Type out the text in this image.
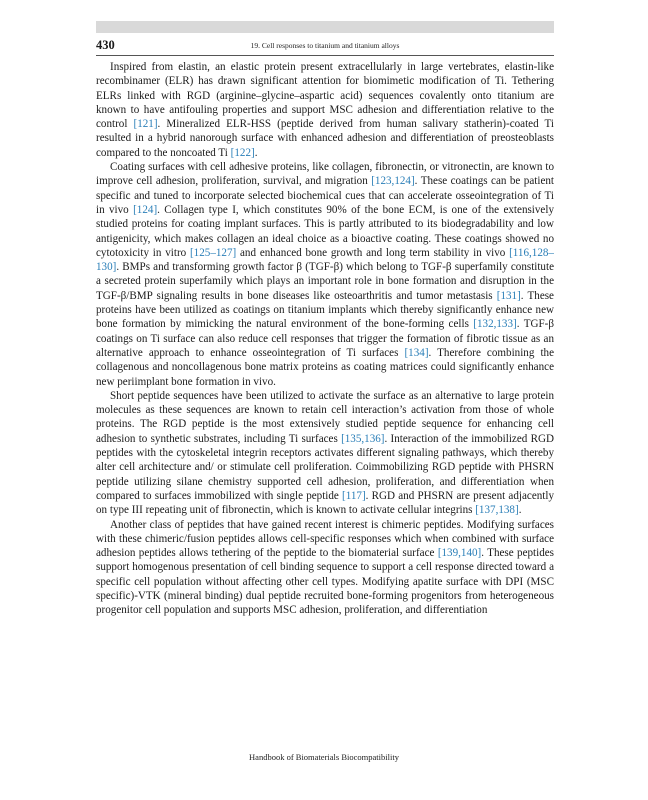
430	19. Cell responses to titanium and titanium alloys

Inspired from elastin, an elastic protein present extracellularly in large vertebrates, elastin-like recombinamer (ELR) has drawn significant attention for biomimetic modification of Ti. Tethering ELRs linked with RGD (arginine–glycine–aspartic acid) sequences covalently onto titanium are known to have antifouling properties and support MSC adhesion and differentiation relative to the control [121]. Mineralized ELR-HSS (peptide derived from human salivary statherin)-coated Ti resulted in a hybrid nanorough surface with enhanced adhesion and differentiation of preosteoblasts compared to the noncoated Ti [122].

Coating surfaces with cell adhesive proteins, like collagen, fibronectin, or vitronectin, are known to improve cell adhesion, proliferation, survival, and migration [123,124]. These coatings can be patient specific and tuned to incorporate selected biochemical cues that can accelerate osseointegration of Ti in vivo [124]. Collagen type I, which constitutes 90% of the bone ECM, is one of the extensively studied proteins for coating implant surfaces. This is partly attributed to its biodegradability and low antigenicity, which makes collagen an ideal choice as a bioactive coating. These coatings showed no cytotoxicity in vitro [125–127] and enhanced bone growth and long term stability in vivo [116,128–130]. BMPs and transforming growth factor β (TGF-β) which belong to TGF-β superfamily constitute a secreted protein superfamily which plays an important role in bone formation and disruption in the TGF-β/BMP signaling results in bone diseases like osteoarthritis and tumor metastasis [131]. These proteins have been utilized as coatings on titanium implants which thereby significantly enhance new bone formation by mimicking the natural environment of the bone-forming cells [132,133]. TGF-β coatings on Ti surface can also reduce cell responses that trigger the formation of fibrotic tissue as an alternative approach to enhance osseointegration of Ti surfaces [134]. Therefore combining the collagenous and noncollagenous bone matrix proteins as coating matrices could significantly enhance new periimplant bone formation in vivo.

Short peptide sequences have been utilized to activate the surface as an alternative to large protein molecules as these sequences are known to retain cell interaction’s activation from those of whole proteins. The RGD peptide is the most extensively studied peptide sequence for enhancing cell adhesion to synthetic substrates, including Ti surfaces [135,136]. Interaction of the immobilized RGD peptides with the cytoskeletal integrin receptors activates different signaling pathways, which thereby alter cell architecture and/ or stimulate cell proliferation. Coimmobilizing RGD peptide with PHSRN peptide utilizing silane chemistry supported cell adhesion, proliferation, and differentiation when compared to surfaces immobilized with single peptide [117]. RGD and PHSRN are present adjacently on type III repeating unit of fibronectin, which is known to activate cellular integrins [137,138].

Another class of peptides that have gained recent interest is chimeric peptides. Modifying surfaces with these chimeric/fusion peptides allows cell-specific responses which when combined with surface adhesion peptides allows tethering of the peptide to the biomaterial surface [139,140]. These peptides support homogenous presentation of cell binding sequence to support a cell response directed toward a specific cell population without affecting other cell types. Modifying apatite surface with DPI (MSC specific)-VTK (mineral binding) dual peptide recruited bone-forming progenitors from heterogeneous progenitor cell population and supports MSC adhesion, proliferation, and differentiation

Handbook of Biomaterials Biocompatibility
